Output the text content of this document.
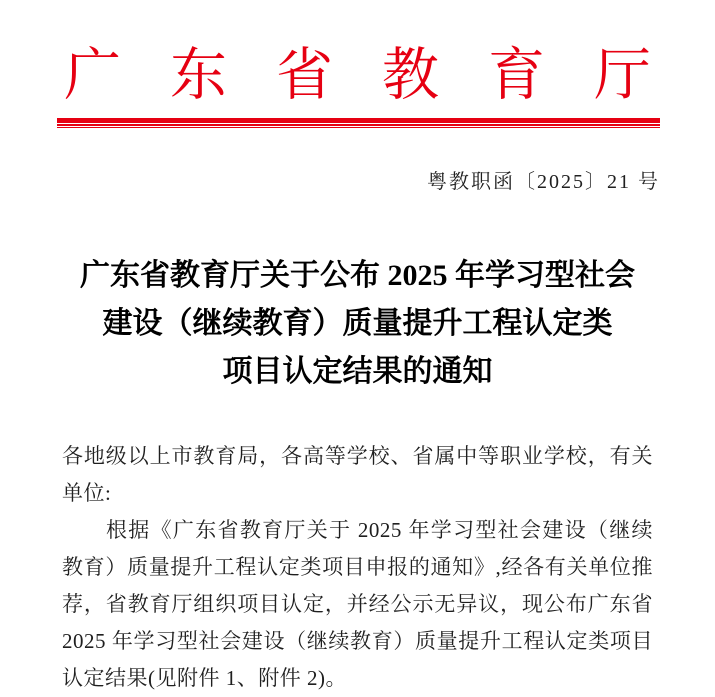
广东省教育厅
粤教职函〔2025〕21 号
广东省教育厅关于公布 2025 年学习型社会
建设（继续教育）质量提升工程认定类
项目认定结果的通知

各地级以上市教育局，各高等学校、省属中等职业学校，有关单位:

根据《广东省教育厅关于 2025 年学习型社会建设（继续教育）质量提升工程认定类项目申报的通知》,经各有关单位推荐，省教育厅组织项目认定，并经公示无异议，现公布广东省 2025 年学习型社会建设（继续教育）质量提升工程认定类项目认定结果(见附件 1、附件 2)。
